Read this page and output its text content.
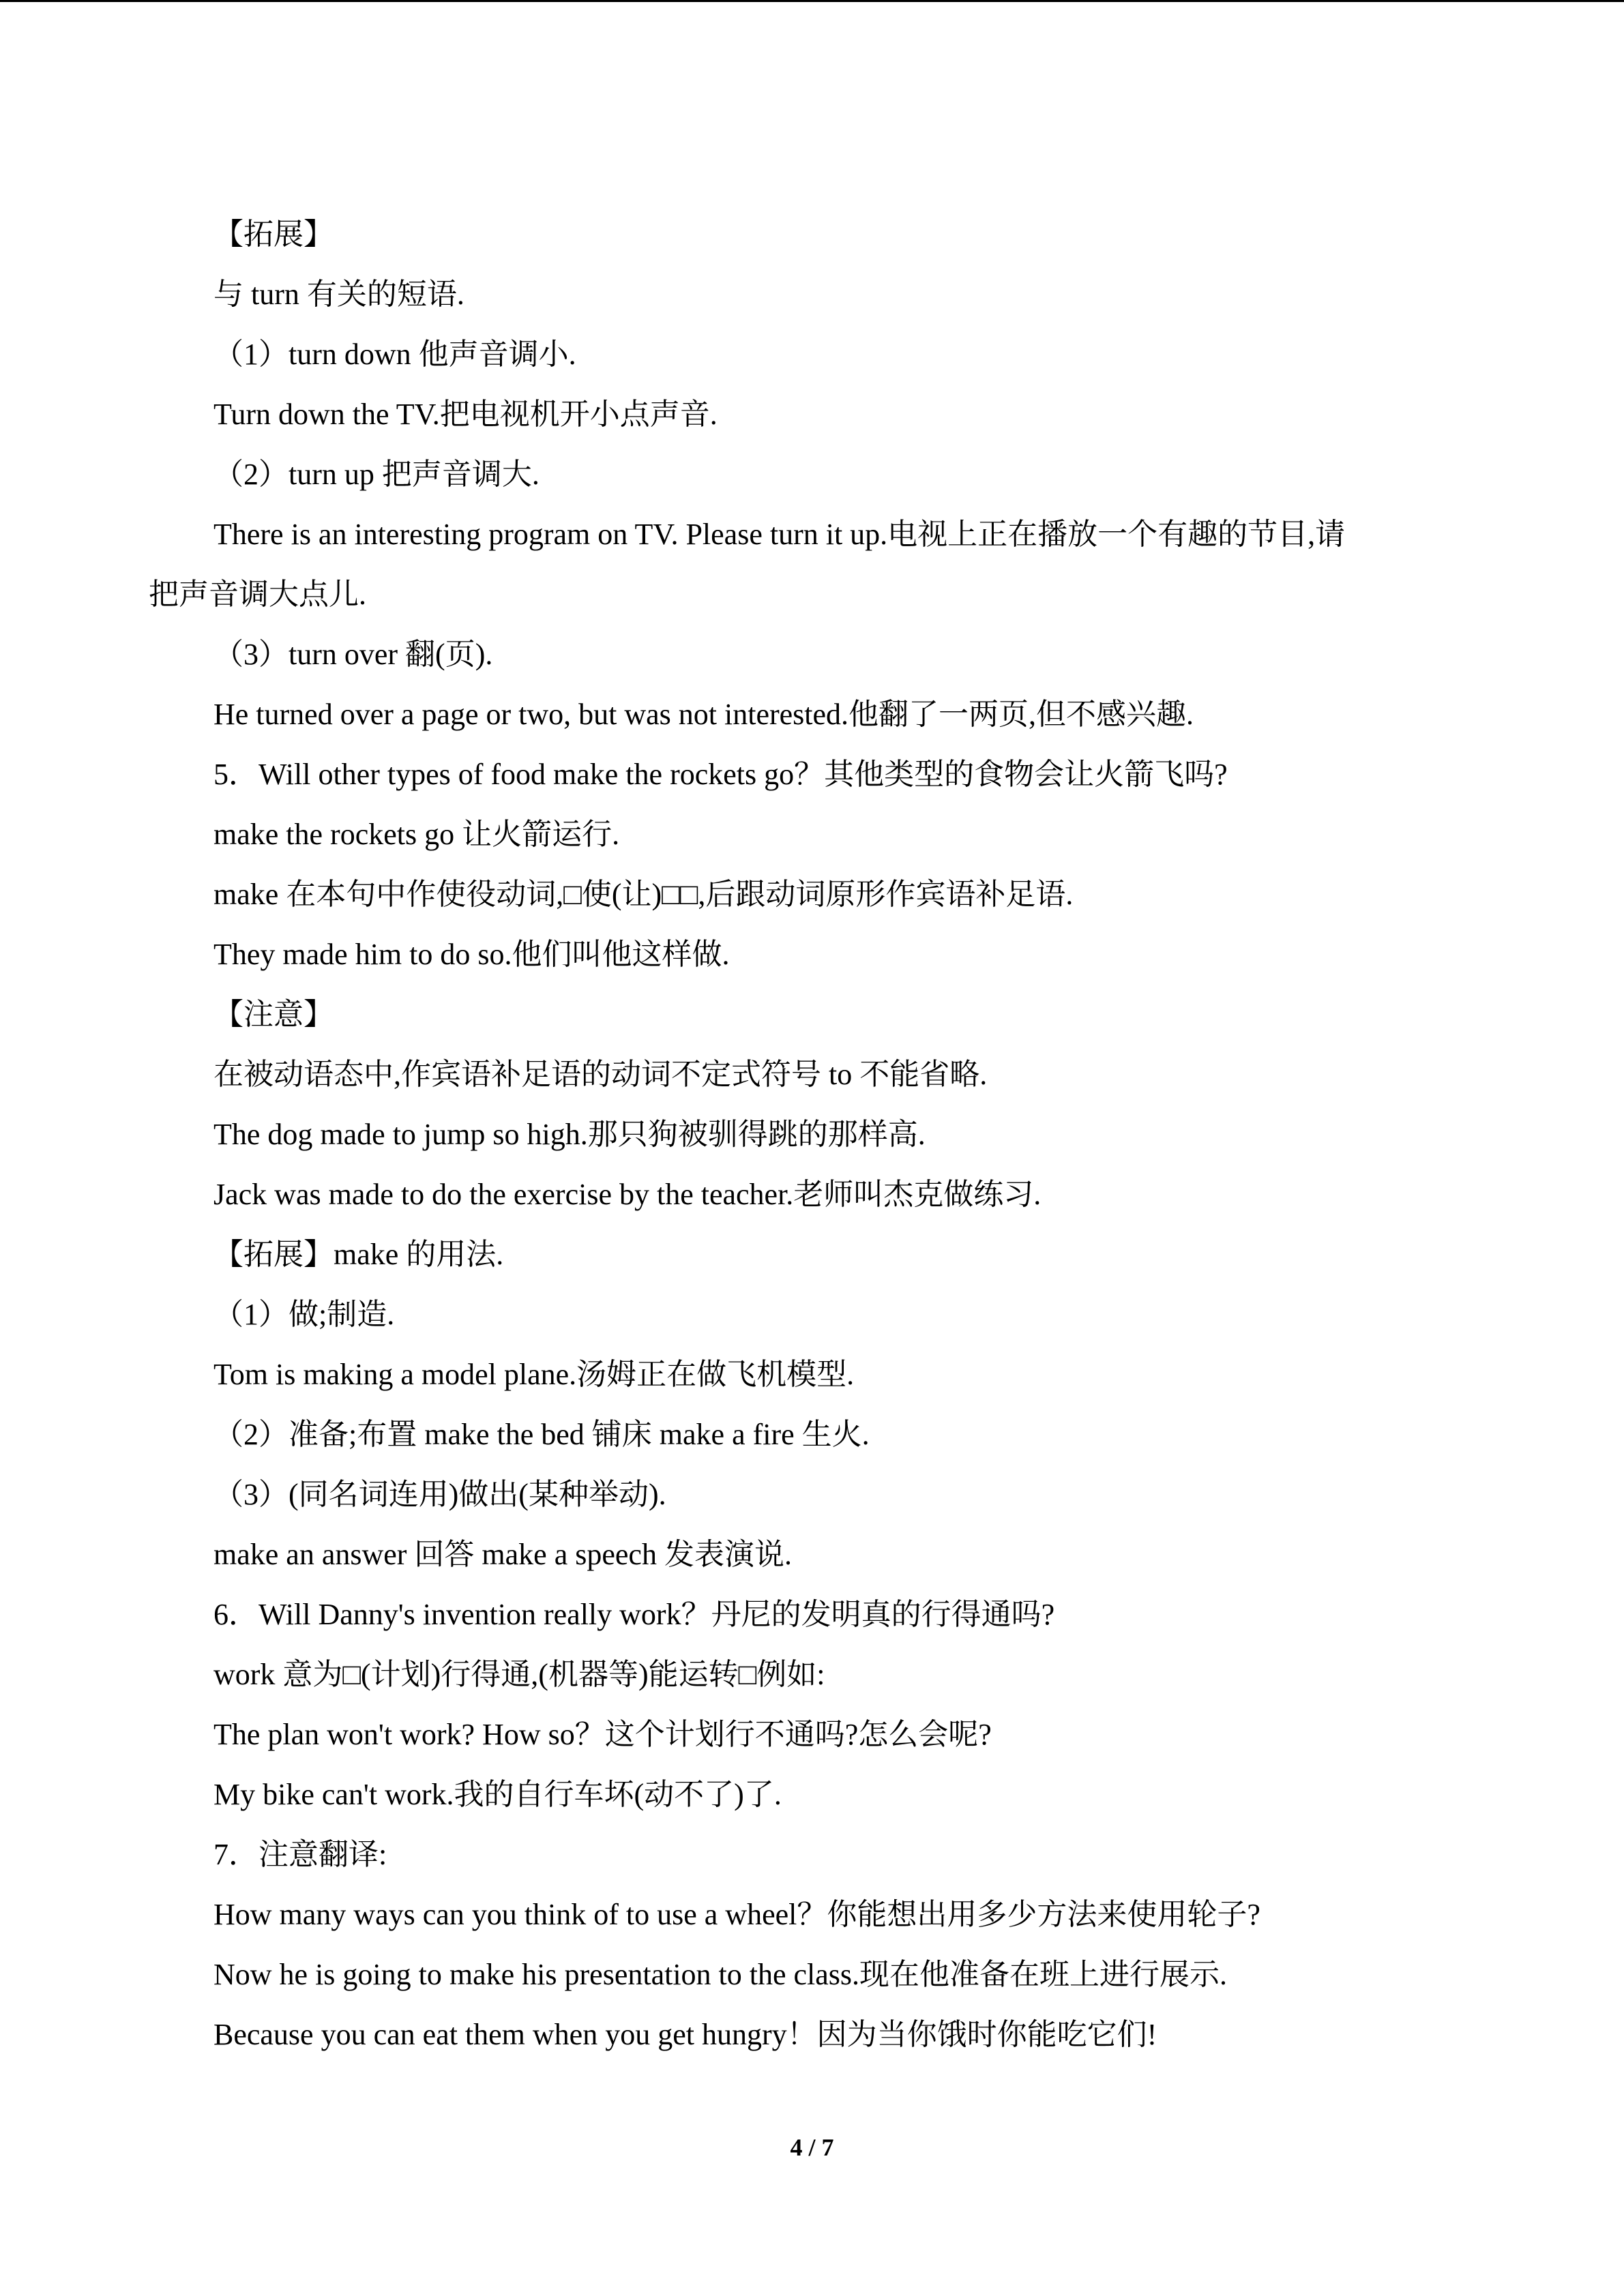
【拓展】
与 turn 有关的短语.
（1）turn down 他声音调小.
Turn down the TV.把电视机开小点声音.
（2）turn up 把声音调大.
There is an interesting program on TV. Please turn it up.电视上正在播放一个有趣的节目,请
把声音调大点儿.
（3）turn over 翻(页).
He turned over a page or two, but was not interested.他翻了一两页,但不感兴趣.
5．Will other types of food make the rockets go？其他类型的食物会让火箭飞吗?
make the rockets go 让火箭运行.
make 在本句中作使役动词,□使(让)□□,后跟动词原形作宾语补足语.
They made him to do so.他们叫他这样做.
【注意】
在被动语态中,作宾语补足语的动词不定式符号 to 不能省略.
The dog made to jump so high.那只狗被驯得跳的那样高.
Jack was made to do the exercise by the teacher.老师叫杰克做练习.
【拓展】make 的用法.
（1）做;制造.
Tom is making a model plane.汤姆正在做飞机模型.
（2）准备;布置 make the bed 铺床 make a fire 生火.
（3）(同名词连用)做出(某种举动).
make an answer 回答 make a speech 发表演说.
6．Will Danny's invention really work？丹尼的发明真的行得通吗?
work 意为□(计划)行得通,(机器等)能运转□例如:
The plan won't work? How so？这个计划行不通吗?怎么会呢?
My bike can't work.我的自行车坏(动不了)了.
7．注意翻译:
How many ways can you think of to use a wheel？你能想出用多少方法来使用轮子?
Now he is going to make his presentation to the class.现在他准备在班上进行展示.
Because you can eat them when you get hungry！因为当你饿时你能吃它们!
4 / 7
